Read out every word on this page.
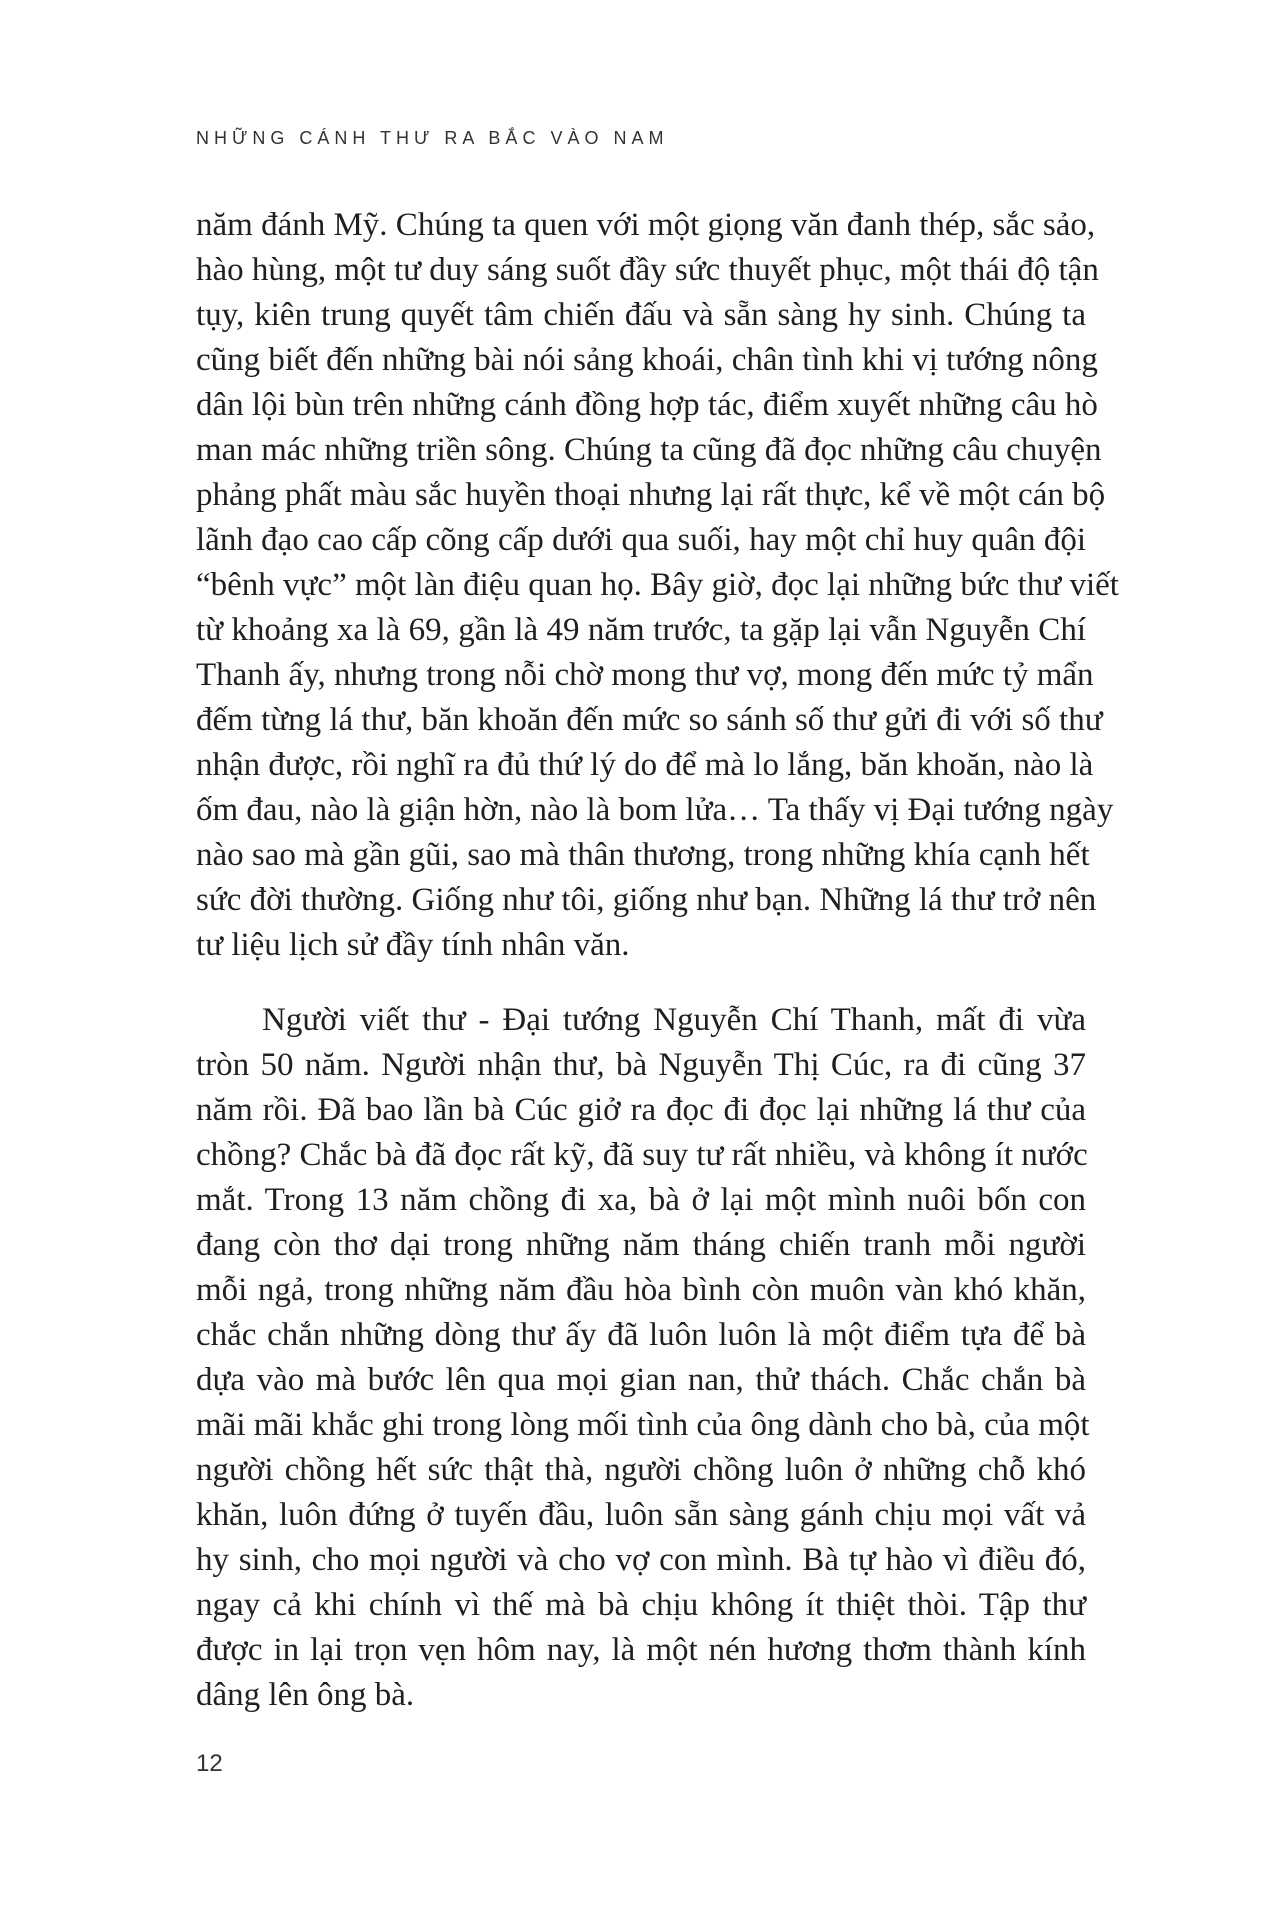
NHỮNG CÁNH THƯ RA BẮC VÀO NAM
năm đánh Mỹ. Chúng ta quen với một giọng văn đanh thép, sắc sảo,
hào hùng, một tư duy sáng suốt đầy sức thuyết phục, một thái độ tận
tụy, kiên trung quyết tâm chiến đấu và sẵn sàng hy sinh. Chúng ta
cũng biết đến những bài nói sảng khoái, chân tình khi vị tướng nông
dân lội bùn trên những cánh đồng hợp tác, điểm xuyết những câu hò
man mác những triền sông. Chúng ta cũng đã đọc những câu chuyện
phảng phất màu sắc huyền thoại nhưng lại rất thực, kể về một cán bộ
lãnh đạo cao cấp cõng cấp dưới qua suối, hay một chỉ huy quân đội
“bênh vực” một làn điệu quan họ. Bây giờ, đọc lại những bức thư viết
từ khoảng xa là 69, gần là 49 năm trước, ta gặp lại vẫn Nguyễn Chí
Thanh ấy, nhưng trong nỗi chờ mong thư vợ, mong đến mức tỷ mẩn
đếm từng lá thư, băn khoăn đến mức so sánh số thư gửi đi với số thư
nhận được, rồi nghĩ ra đủ thứ lý do để mà lo lắng, băn khoăn, nào là
ốm đau, nào là giận hờn, nào là bom lửa… Ta thấy vị Đại tướng ngày
nào sao mà gần gũi, sao mà thân thương, trong những khía cạnh hết
sức đời thường. Giống như tôi, giống như bạn. Những lá thư trở nên
tư liệu lịch sử đầy tính nhân văn.
Người viết thư - Đại tướng Nguyễn Chí Thanh, mất đi vừa
tròn 50 năm. Người nhận thư, bà Nguyễn Thị Cúc, ra đi cũng 37
năm rồi. Đã bao lần bà Cúc giở ra đọc đi đọc lại những lá thư của
chồng? Chắc bà đã đọc rất kỹ, đã suy tư rất nhiều, và không ít nước
mắt. Trong 13 năm chồng đi xa, bà ở lại một mình nuôi bốn con
đang còn thơ dại trong những năm tháng chiến tranh mỗi người
mỗi ngả, trong những năm đầu hòa bình còn muôn vàn khó khăn,
chắc chắn những dòng thư ấy đã luôn luôn là một điểm tựa để bà
dựa vào mà bước lên qua mọi gian nan, thử thách. Chắc chắn bà
mãi mãi khắc ghi trong lòng mối tình của ông dành cho bà, của một
người chồng hết sức thật thà, người chồng luôn ở những chỗ khó
khăn, luôn đứng ở tuyến đầu, luôn sẵn sàng gánh chịu mọi vất vả
hy sinh, cho mọi người và cho vợ con mình. Bà tự hào vì điều đó,
ngay cả khi chính vì thế mà bà chịu không ít thiệt thòi. Tập thư
được in lại trọn vẹn hôm nay, là một nén hương thơm thành kính
dâng lên ông bà.
12
